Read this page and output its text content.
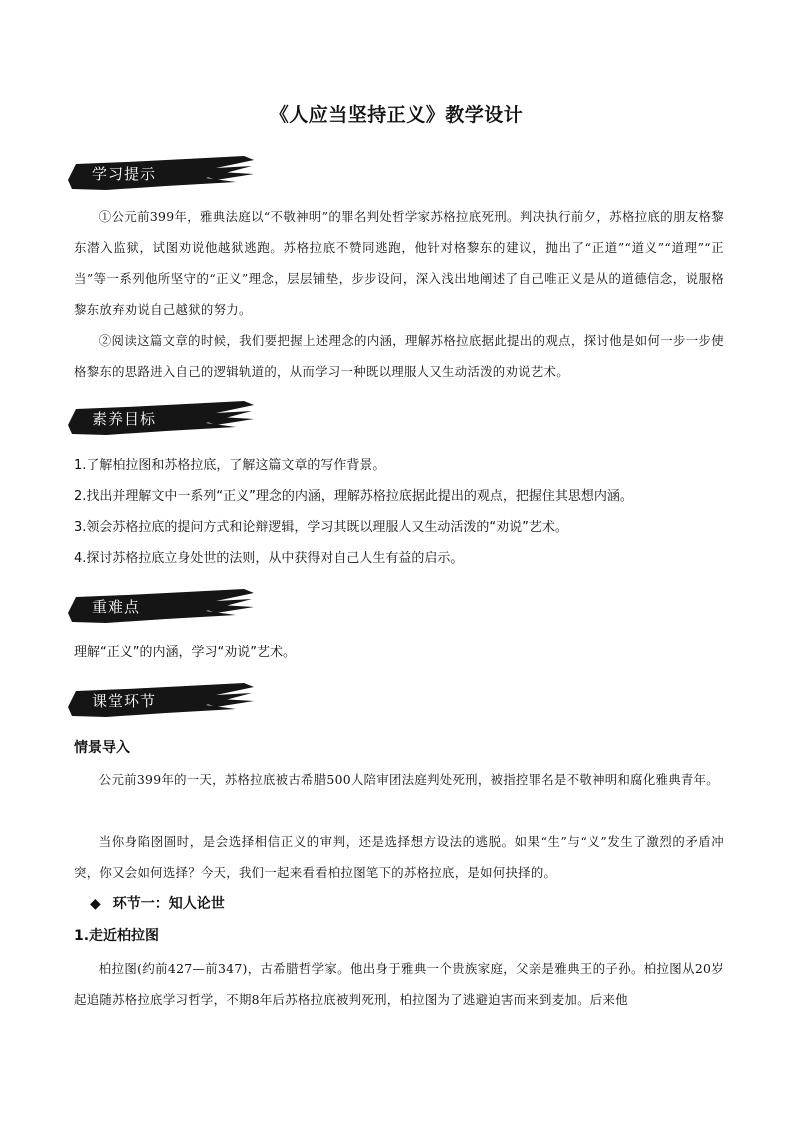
《人应当坚持正义》教学设计
学习提示
①公元前399年，雅典法庭以“不敬神明”的罪名判处哲学家苏格拉底死刑。判决执行前夕，苏格拉底的朋友格黎东潜入监狱，试图劝说他越狱逃跑。苏格拉底不赞同逃跑，他针对格黎东的建议，抛出了“正道”“道义”“道理”“正当”等一系列他所坚守的“正义”理念，层层铺垫，步步设问，深入浅出地阐述了自己唯正义是从的道德信念，说服格黎东放弃劝说自己越狱的努力。
②阅读这篇文章的时候，我们要把握上述理念的内涵，理解苏格拉底据此提出的观点，探讨他是如何一步一步使格黎东的思路进入自己的逻辑轨道的，从而学习一种既以理服人又生动活泼的劝说艺术。
素养目标
1.了解柏拉图和苏格拉底，了解这篇文章的写作背景。
2.找出并理解文中一系列“正义”理念的内涵，理解苏格拉底据此提出的观点，把握住其思想内涵。
3.领会苏格拉底的提问方式和论辩逻辑，学习其既以理服人又生动活泼的“劝说”艺术。
4.探讨苏格拉底立身处世的法则，从中获得对自己人生有益的启示。
重难点
理解“正义”的内涵，学习“劝说”艺术。
课堂环节
情景导入
公元前399年的一天，苏格拉底被古希腊500人陪审团法庭判处死刑，被指控罪名是不敬神明和腐化雅典青年。
当你身陷囹圄时，是会选择相信正义的审判，还是选择想方设法的逃脱。如果“生”与“义”发生了激烈的矛盾冲突，你又会如何选择？今天，我们一起来看看柏拉图笔下的苏格拉底，是如何抉择的。
◆ 环节一：知人论世
1.走近柏拉图
柏拉图(约前427—前347)，古希腊哲学家。他出身于雅典一个贵族家庭，父亲是雅典王的子孙。柏拉图从20岁起追随苏格拉底学习哲学，不期8年后苏格拉底被判死刑，柏拉图为了逃避迫害而来到麦加。后来他
